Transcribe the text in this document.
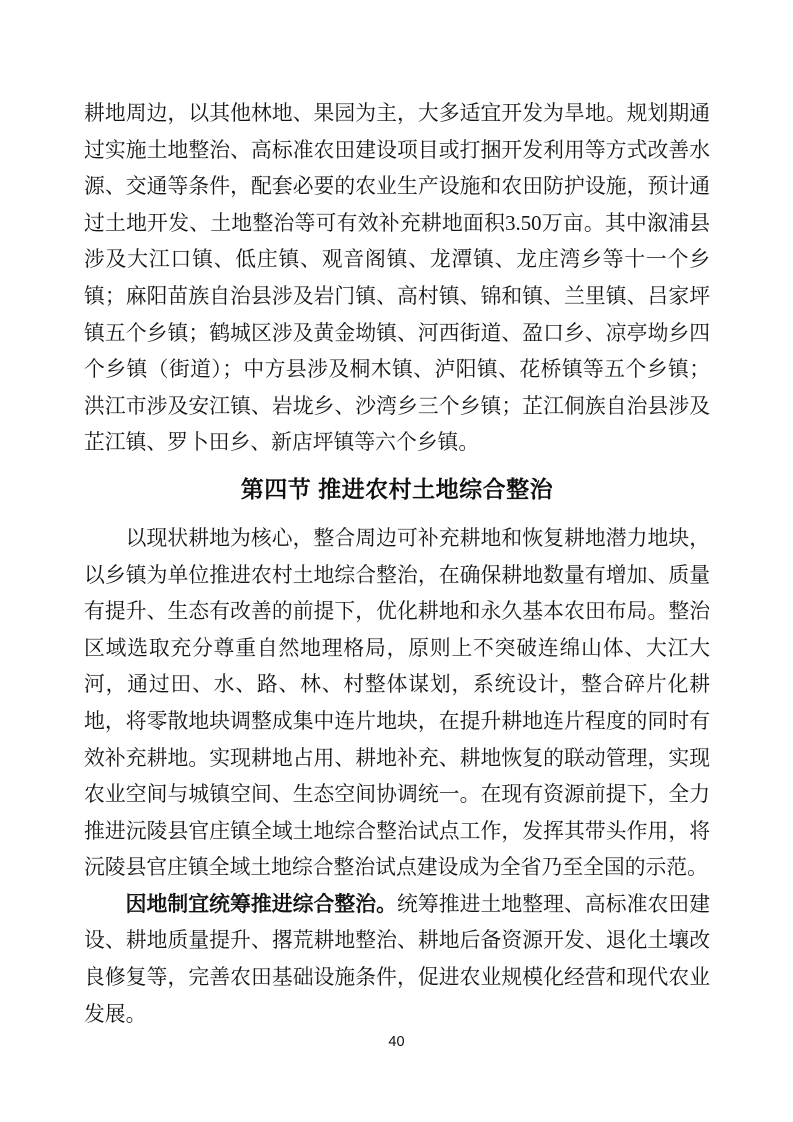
耕地周边，以其他林地、果园为主，大多适宜开发为旱地。规划期通过实施土地整治、高标准农田建设项目或打捆开发利用等方式改善水源、交通等条件，配套必要的农业生产设施和农田防护设施，预计通过土地开发、土地整治等可有效补充耕地面积3.50万亩。其中溆浦县涉及大江口镇、低庄镇、观音阁镇、龙潭镇、龙庄湾乡等十一个乡镇；麻阳苗族自治县涉及岩门镇、高村镇、锦和镇、兰里镇、吕家坪镇五个乡镇；鹤城区涉及黄金坳镇、河西街道、盈口乡、凉亭坳乡四个乡镇（街道）；中方县涉及桐木镇、泸阳镇、花桥镇等五个乡镇；洪江市涉及安江镇、岩垅乡、沙湾乡三个乡镇；芷江侗族自治县涉及芷江镇、罗卜田乡、新店坪镇等六个乡镇。

第四节 推进农村土地综合整治

以现状耕地为核心，整合周边可补充耕地和恢复耕地潜力地块，以乡镇为单位推进农村土地综合整治，在确保耕地数量有增加、质量有提升、生态有改善的前提下，优化耕地和永久基本农田布局。整治区域选取充分尊重自然地理格局，原则上不突破连绵山体、大江大河，通过田、水、路、林、村整体谋划，系统设计，整合碎片化耕地，将零散地块调整成集中连片地块，在提升耕地连片程度的同时有效补充耕地。实现耕地占用、耕地补充、耕地恢复的联动管理，实现农业空间与城镇空间、生态空间协调统一。在现有资源前提下，全力推进沅陵县官庄镇全域土地综合整治试点工作，发挥其带头作用，将沅陵县官庄镇全域土地综合整治试点建设成为全省乃至全国的示范。

因地制宜统筹推进综合整治。统筹推进土地整理、高标准农田建设、耕地质量提升、撂荒耕地整治、耕地后备资源开发、退化土壤改良修复等，完善农田基础设施条件，促进农业规模化经营和现代农业发展。

40
